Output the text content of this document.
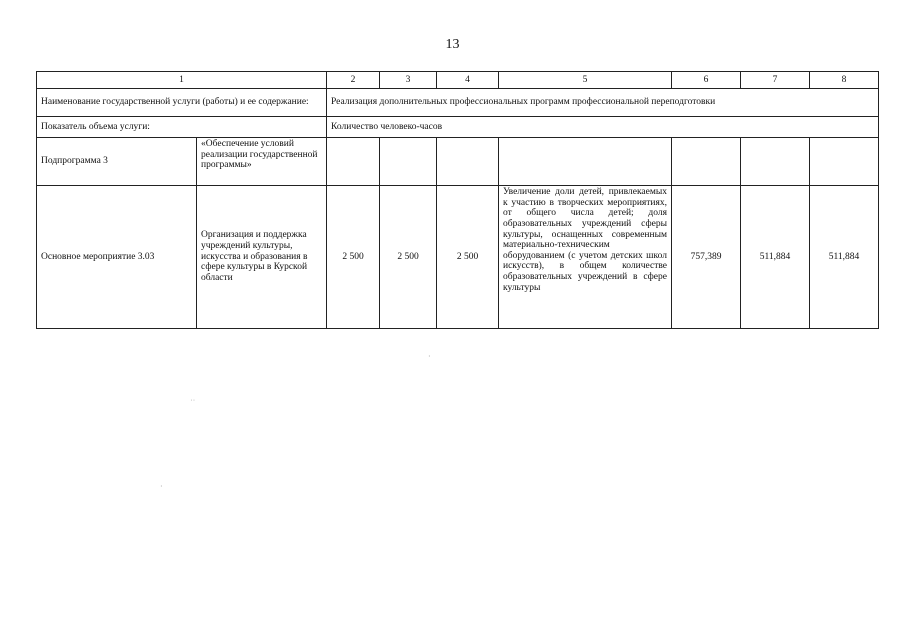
13
1		2	3	4	5	6	7	8
Наименование государственной услуги (работы) и ее содержание:		Реализация дополнительных профессиональных программ профессиональной переподготовки						
Показатель объема услуги:		Количество человеко-часов						
Подпрограмма 3	«Обеспечение условий реализации государственной программы»							
Основное мероприятие 3.03	Организация и поддержка учреждений культуры, искусства и образования в сфере культуры в Курской области	2 500	2 500	2 500	Увеличение доли детей, привлекаемых к участию в творческих мероприятиях, от общего числа детей; доля образовательных учреждений сферы культуры, оснащенных современным материально-техническим оборудованием (с учетом детских школ искусств), в общем количестве образовательных учреждений в сфере культуры	757,389	511,884	511,884
˙˙
·
·
